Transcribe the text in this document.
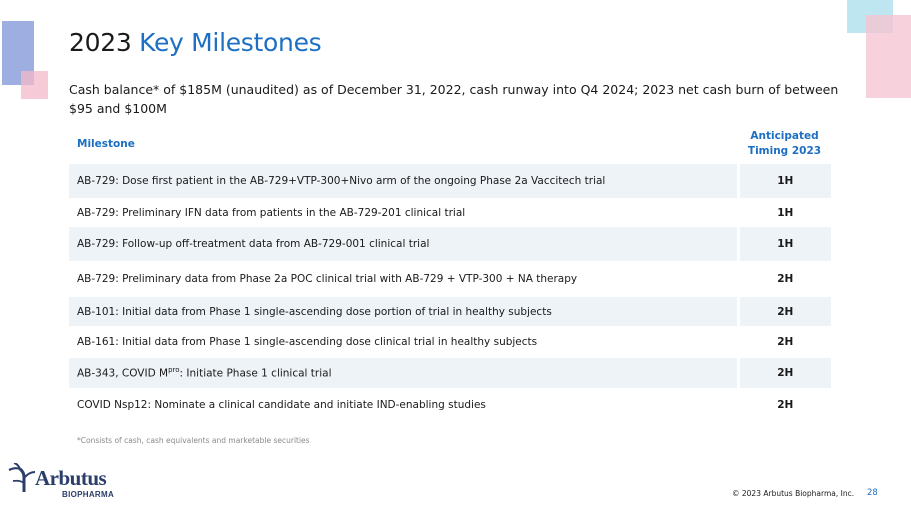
2023 Key Milestones

Cash balance* of $185M (unaudited) as of December 31, 2022, cash runway into Q4 2024; 2023 net cash burn of between $95 and $100M

Milestone	Anticipated
Timing 2023
AB-729: Dose first patient in the AB-729+VTP-300+Nivo arm of the ongoing Phase 2a Vaccitech trial	1H
AB-729: Preliminary IFN data from patients in the AB-729-201 clinical trial	1H
AB-729: Follow-up off-treatment data from AB-729-001 clinical trial	1H
AB-729: Preliminary data from Phase 2a POC clinical trial with AB-729 + VTP-300 + NA therapy	2H
AB-101: Initial data from Phase 1 single-ascending dose portion of trial in healthy subjects	2H
AB-161: Initial data from Phase 1 single-ascending dose clinical trial in healthy subjects	2H
AB-343, COVID $M^{pro}$: Initiate Phase 1 clinical trial	2H
COVID Nsp12: Nominate a clinical candidate and initiate IND-enabling studies	2H

*Consists of cash, cash equivalents and marketable securities

Arbutus
BIOPHARMA	© 2023 Arbutus Biopharma, Inc. 28
